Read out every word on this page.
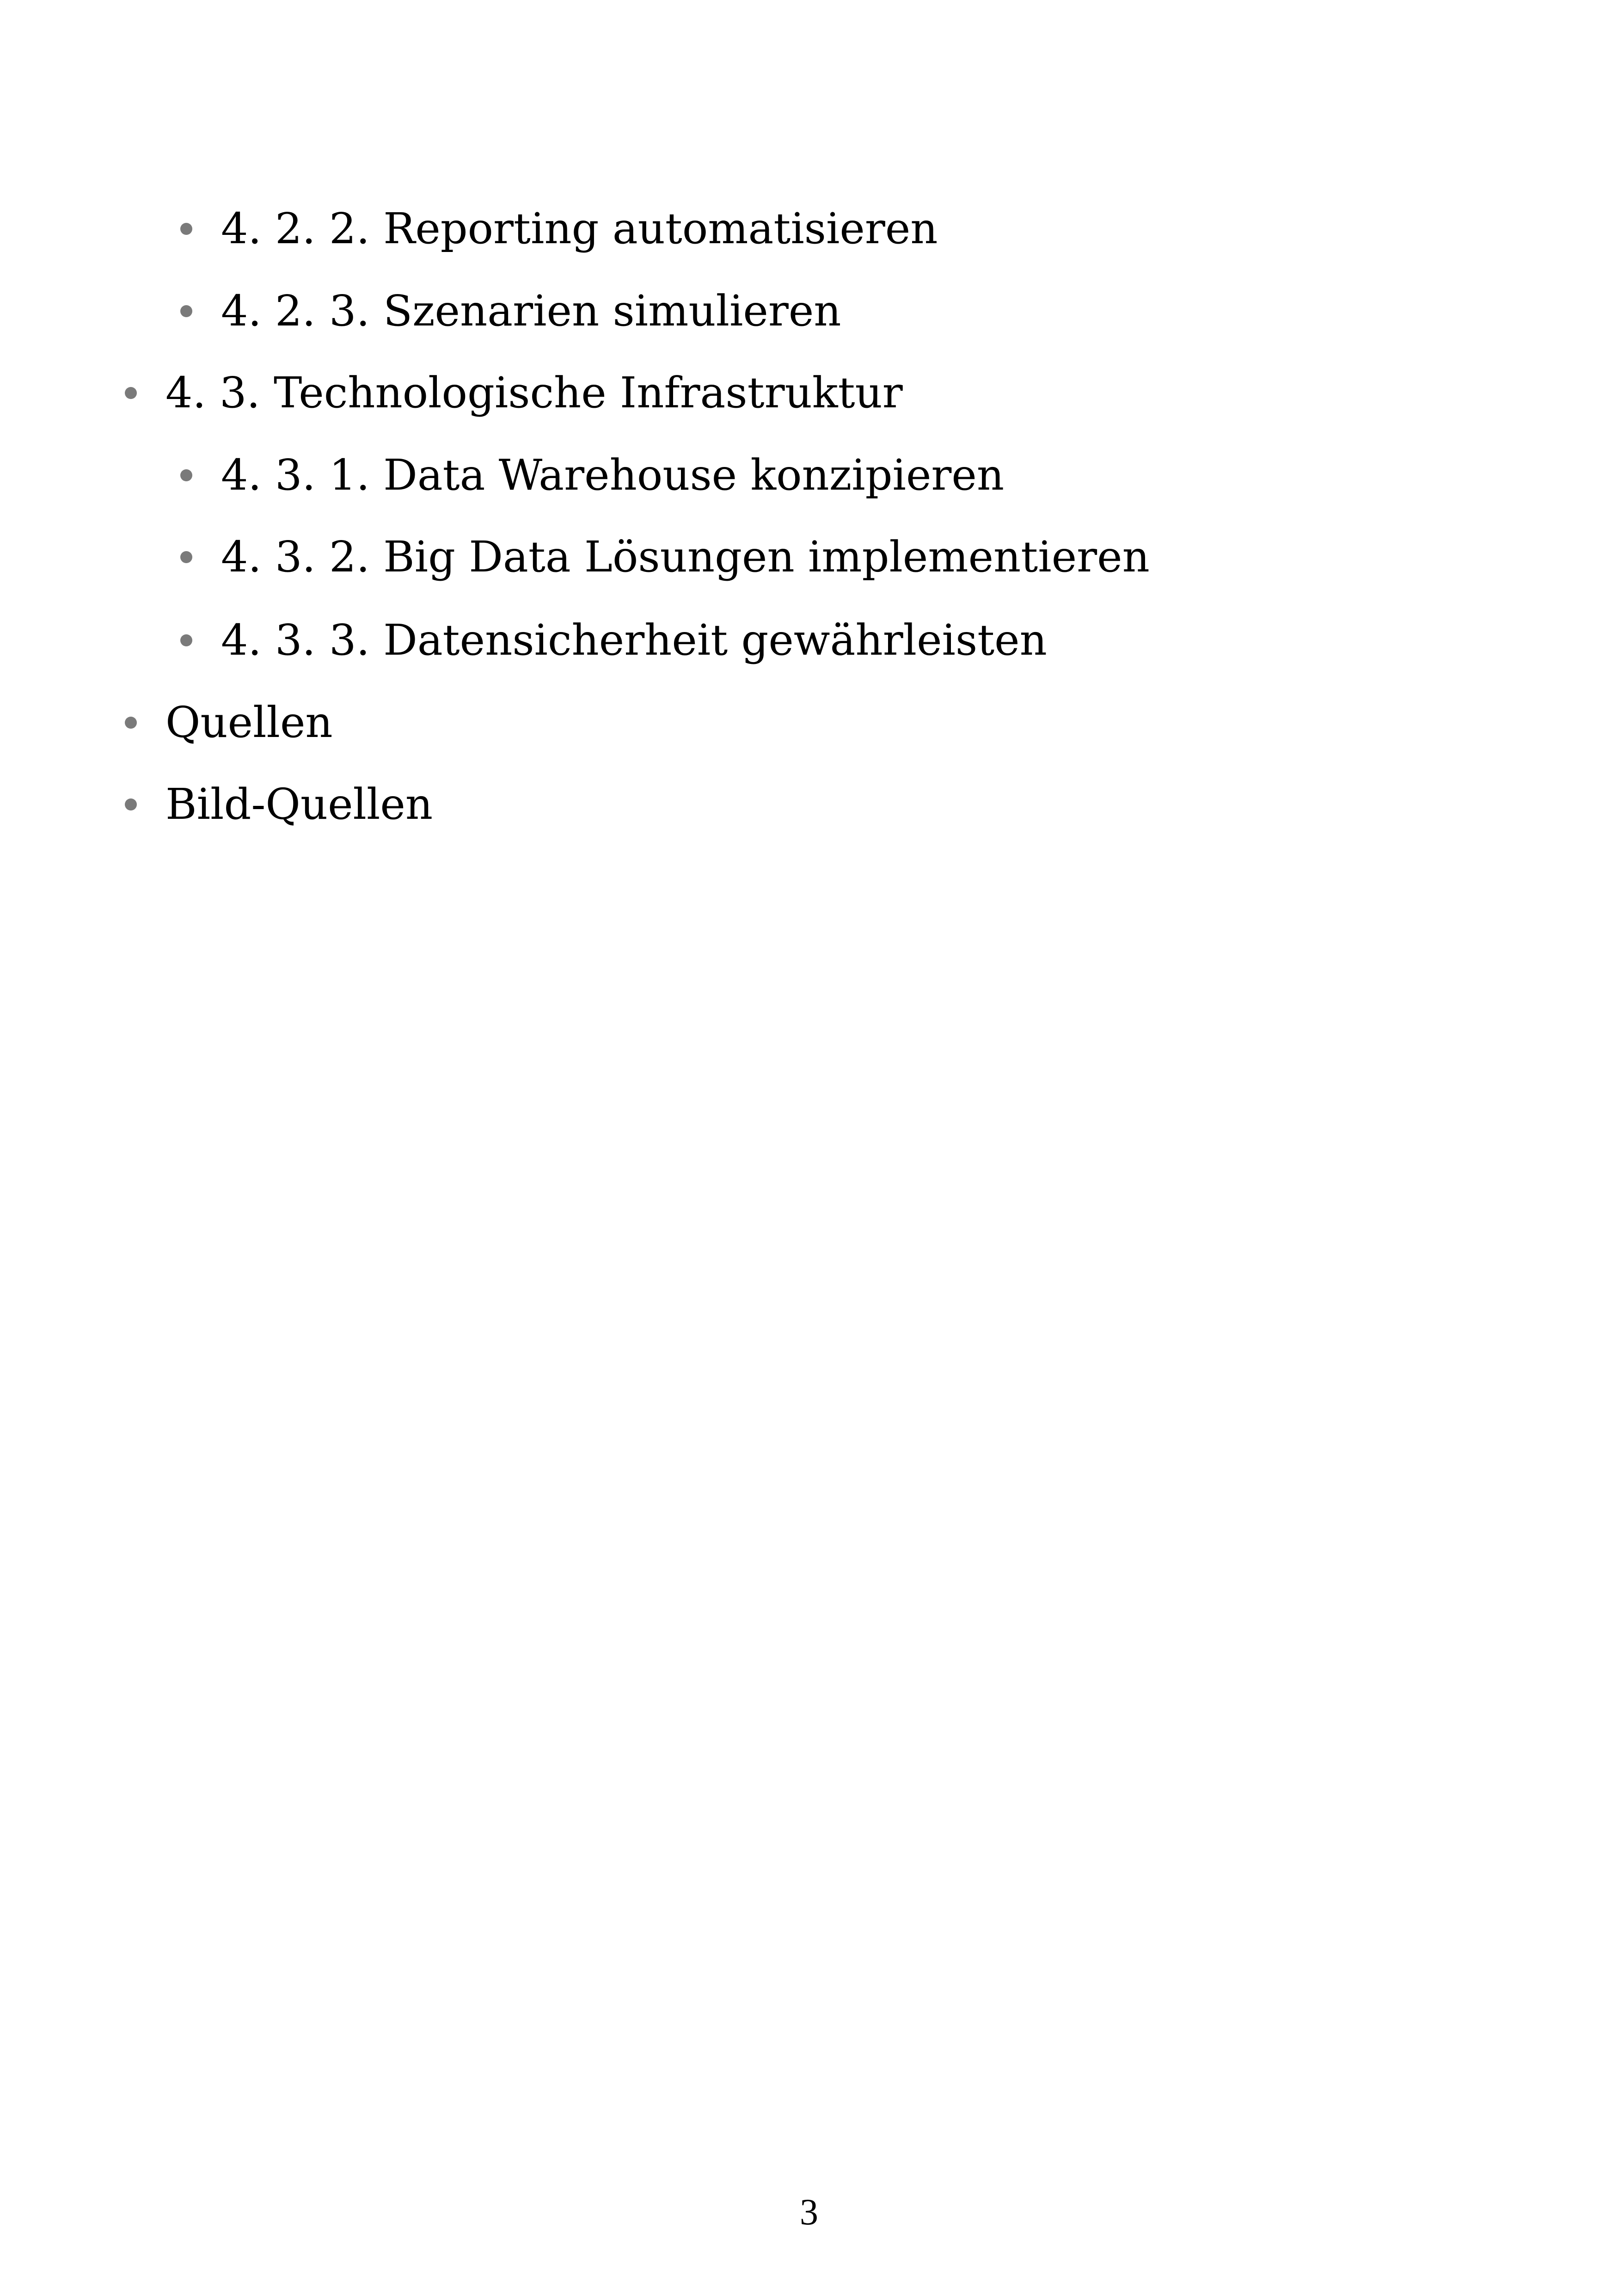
4. 2. 2. Reporting automatisieren
4. 2. 3. Szenarien simulieren
4. 3. Technologische Infrastruktur
4. 3. 1. Data Warehouse konzipieren
4. 3. 2. Big Data Lösungen implementieren
4. 3. 3. Datensicherheit gewährleisten
Quellen
Bild-Quellen
3
